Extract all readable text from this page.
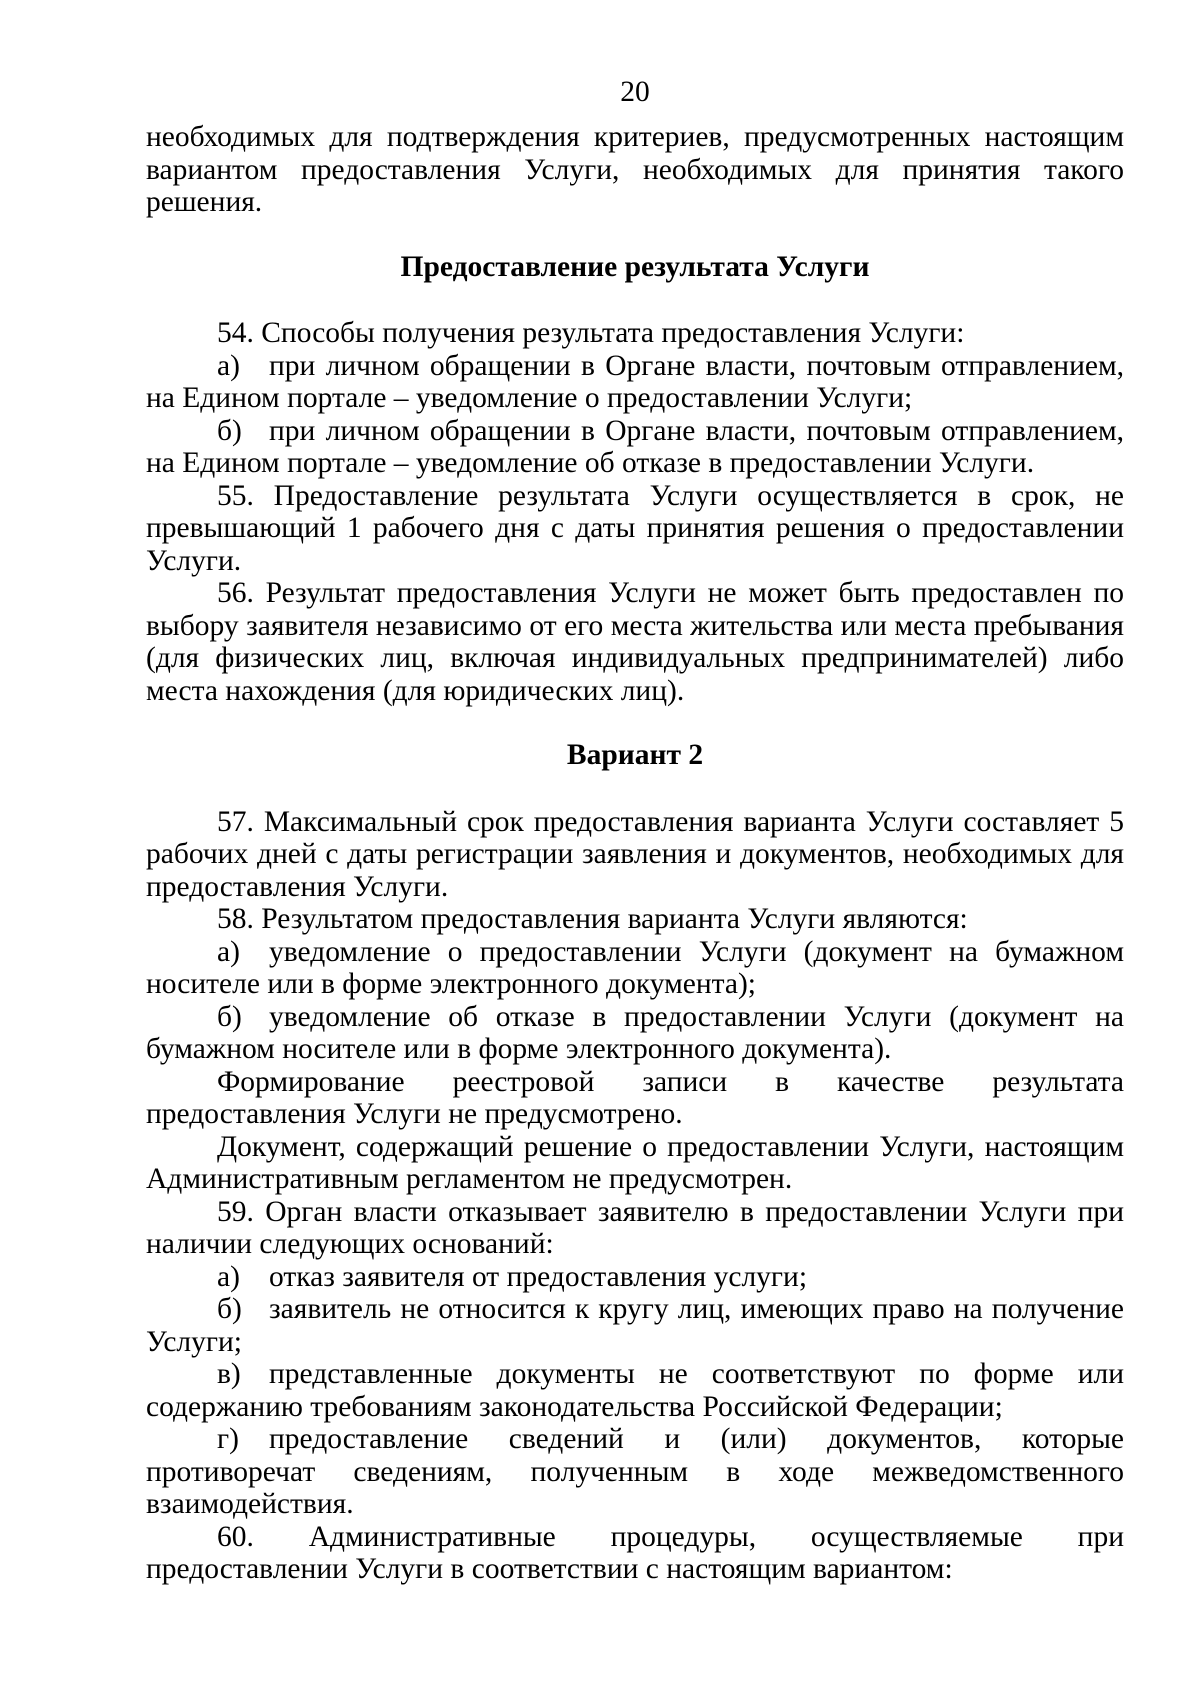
20

необходимых для подтверждения критериев, предусмотренных настоящим вариантом предоставления Услуги, необходимых для принятия такого решения.

Предоставление результата Услуги

54. Способы получения результата предоставления Услуги:

а) при личном обращении в Органе власти, почтовым отправлением, на Едином портале – уведомление о предоставлении Услуги;

б) при личном обращении в Органе власти, почтовым отправлением, на Едином портале – уведомление об отказе в предоставлении Услуги.

55. Предоставление результата Услуги осуществляется в срок, не превышающий 1 рабочего дня с даты принятия решения о предоставлении Услуги.

56. Результат предоставления Услуги не может быть предоставлен по выбору заявителя независимо от его места жительства или места пребывания (для физических лиц, включая индивидуальных предпринимателей) либо места нахождения (для юридических лиц).

Вариант 2

57. Максимальный срок предоставления варианта Услуги составляет 5 рабочих дней с даты регистрации заявления и документов, необходимых для предоставления Услуги.

58. Результатом предоставления варианта Услуги являются:

а) уведомление о предоставлении Услуги (документ на бумажном носителе или в форме электронного документа);

б) уведомление об отказе в предоставлении Услуги (документ на бумажном носителе или в форме электронного документа).

Формирование реестровой записи в качестве результата предоставления Услуги не предусмотрено.

Документ, содержащий решение о предоставлении Услуги, настоящим Административным регламентом не предусмотрен.

59. Орган власти отказывает заявителю в предоставлении Услуги при наличии следующих оснований:

а) отказ заявителя от предоставления услуги;

б) заявитель не относится к кругу лиц, имеющих право на получение Услуги;

в) представленные документы не соответствуют по форме или содержанию требованиям законодательства Российской Федерации;

г) предоставление сведений и (или) документов, которые противоречат сведениям, полученным в ходе межведомственного взаимодействия.

60. Административные процедуры, осуществляемые при предоставлении Услуги в соответствии с настоящим вариантом:
